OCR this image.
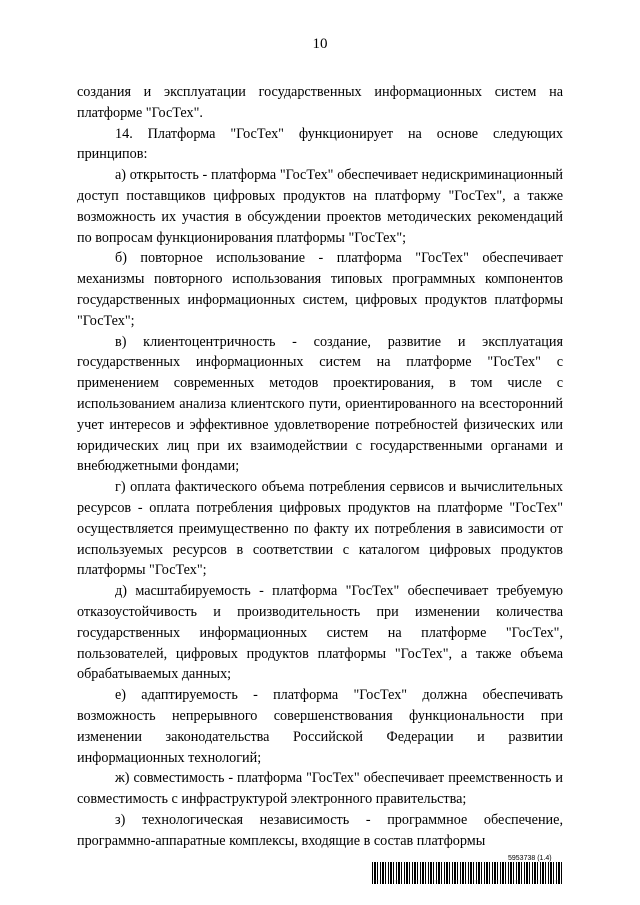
10

создания и эксплуатации государственных информационных систем на платформе "ГосТех".

14. Платформа "ГосТех" функционирует на основе следующих принципов:

а) открытость - платформа "ГосТех" обеспечивает недискриминационный доступ поставщиков цифровых продуктов на платформу "ГосТех", а также возможность их участия в обсуждении проектов методических рекомендаций по вопросам функционирования платформы "ГосТех";

б) повторное использование - платформа "ГосТех" обеспечивает механизмы повторного использования типовых программных компонентов государственных информационных систем, цифровых продуктов платформы "ГосТех";

в) клиентоцентричность - создание, развитие и эксплуатация государственных информационных систем на платформе "ГосТех" с применением современных методов проектирования, в том числе с использованием анализа клиентского пути, ориентированного на всесторонний учет интересов и эффективное удовлетворение потребностей физических или юридических лиц при их взаимодействии с государственными органами и внебюджетными фондами;

г) оплата фактического объема потребления сервисов и вычислительных ресурсов - оплата потребления цифровых продуктов на платформе "ГосТех" осуществляется преимущественно по факту их потребления в зависимости от используемых ресурсов в соответствии с каталогом цифровых продуктов платформы "ГосТех";

д) масштабируемость - платформа "ГосТех" обеспечивает требуемую отказоустойчивость и производительность при изменении количества государственных информационных систем на платформе "ГосТех", пользователей, цифровых продуктов платформы "ГосТех", а также объема обрабатываемых данных;

е) адаптируемость - платформа "ГосТех" должна обеспечивать возможность непрерывного совершенствования функциональности при изменении законодательства Российской Федерации и развитии информационных технологий;

ж) совместимость - платформа "ГосТех" обеспечивает преемственность и совместимость с инфраструктурой электронного правительства;

з) технологическая независимость - программное обеспечение, программно-аппаратные комплексы, входящие в состав платформы

5953738 (1.4)
